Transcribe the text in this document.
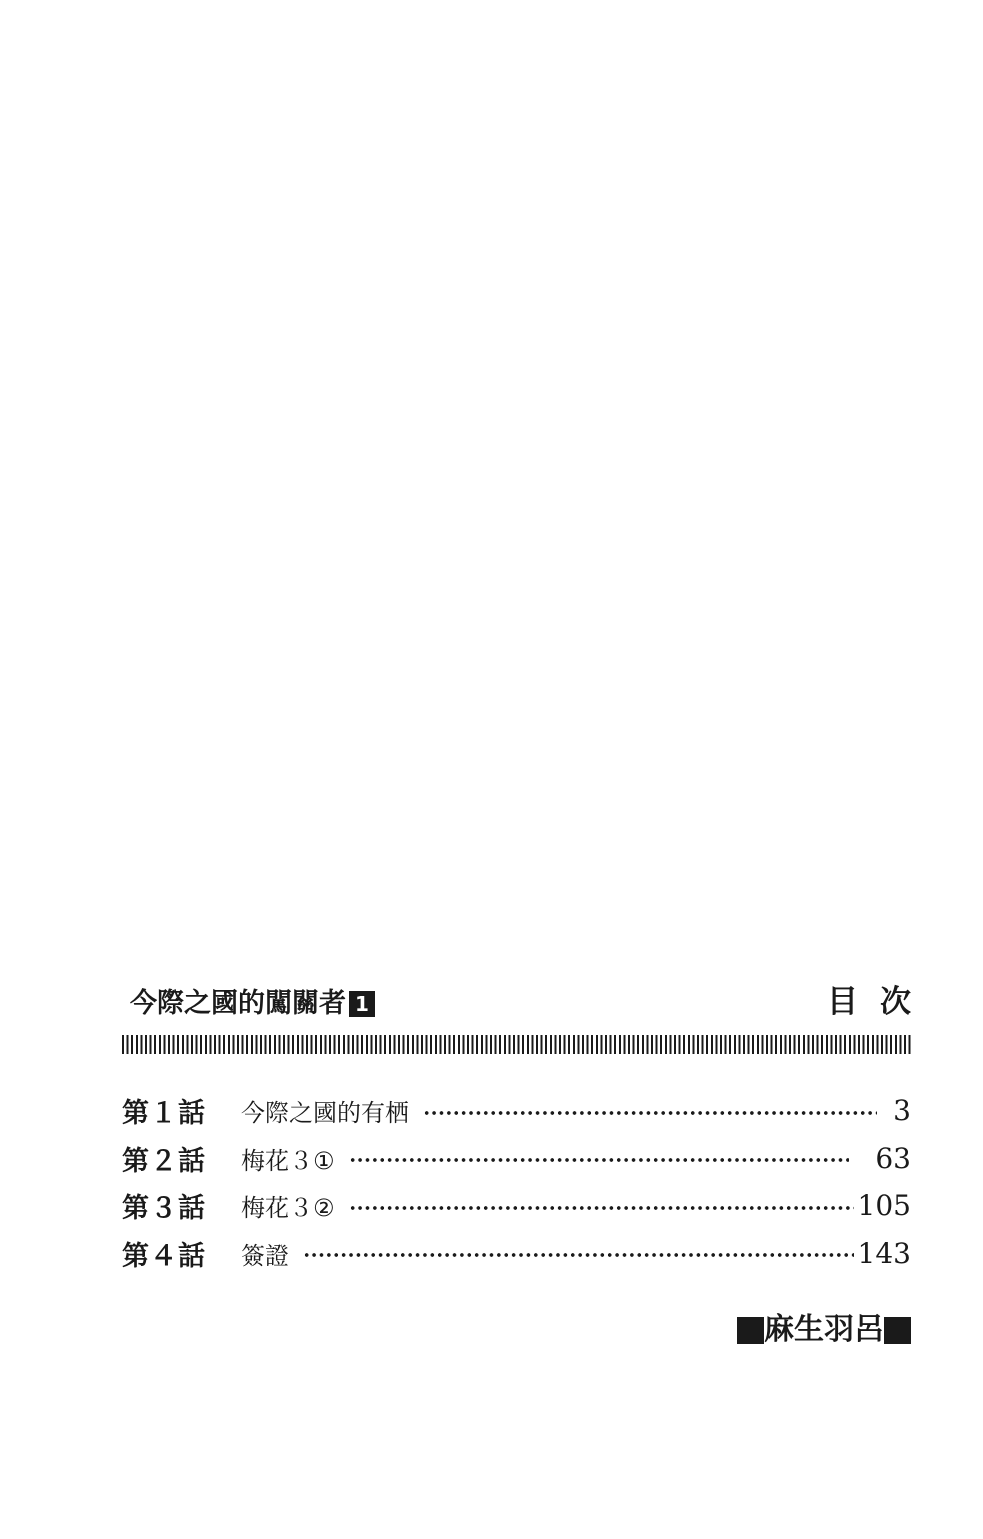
今際之國的闖關者 1	目次
第１話	今際之國的有栖	3
第２話	梅花３①	63
第３話	梅花３②	105
第４話	簽證	143
麻生羽呂
